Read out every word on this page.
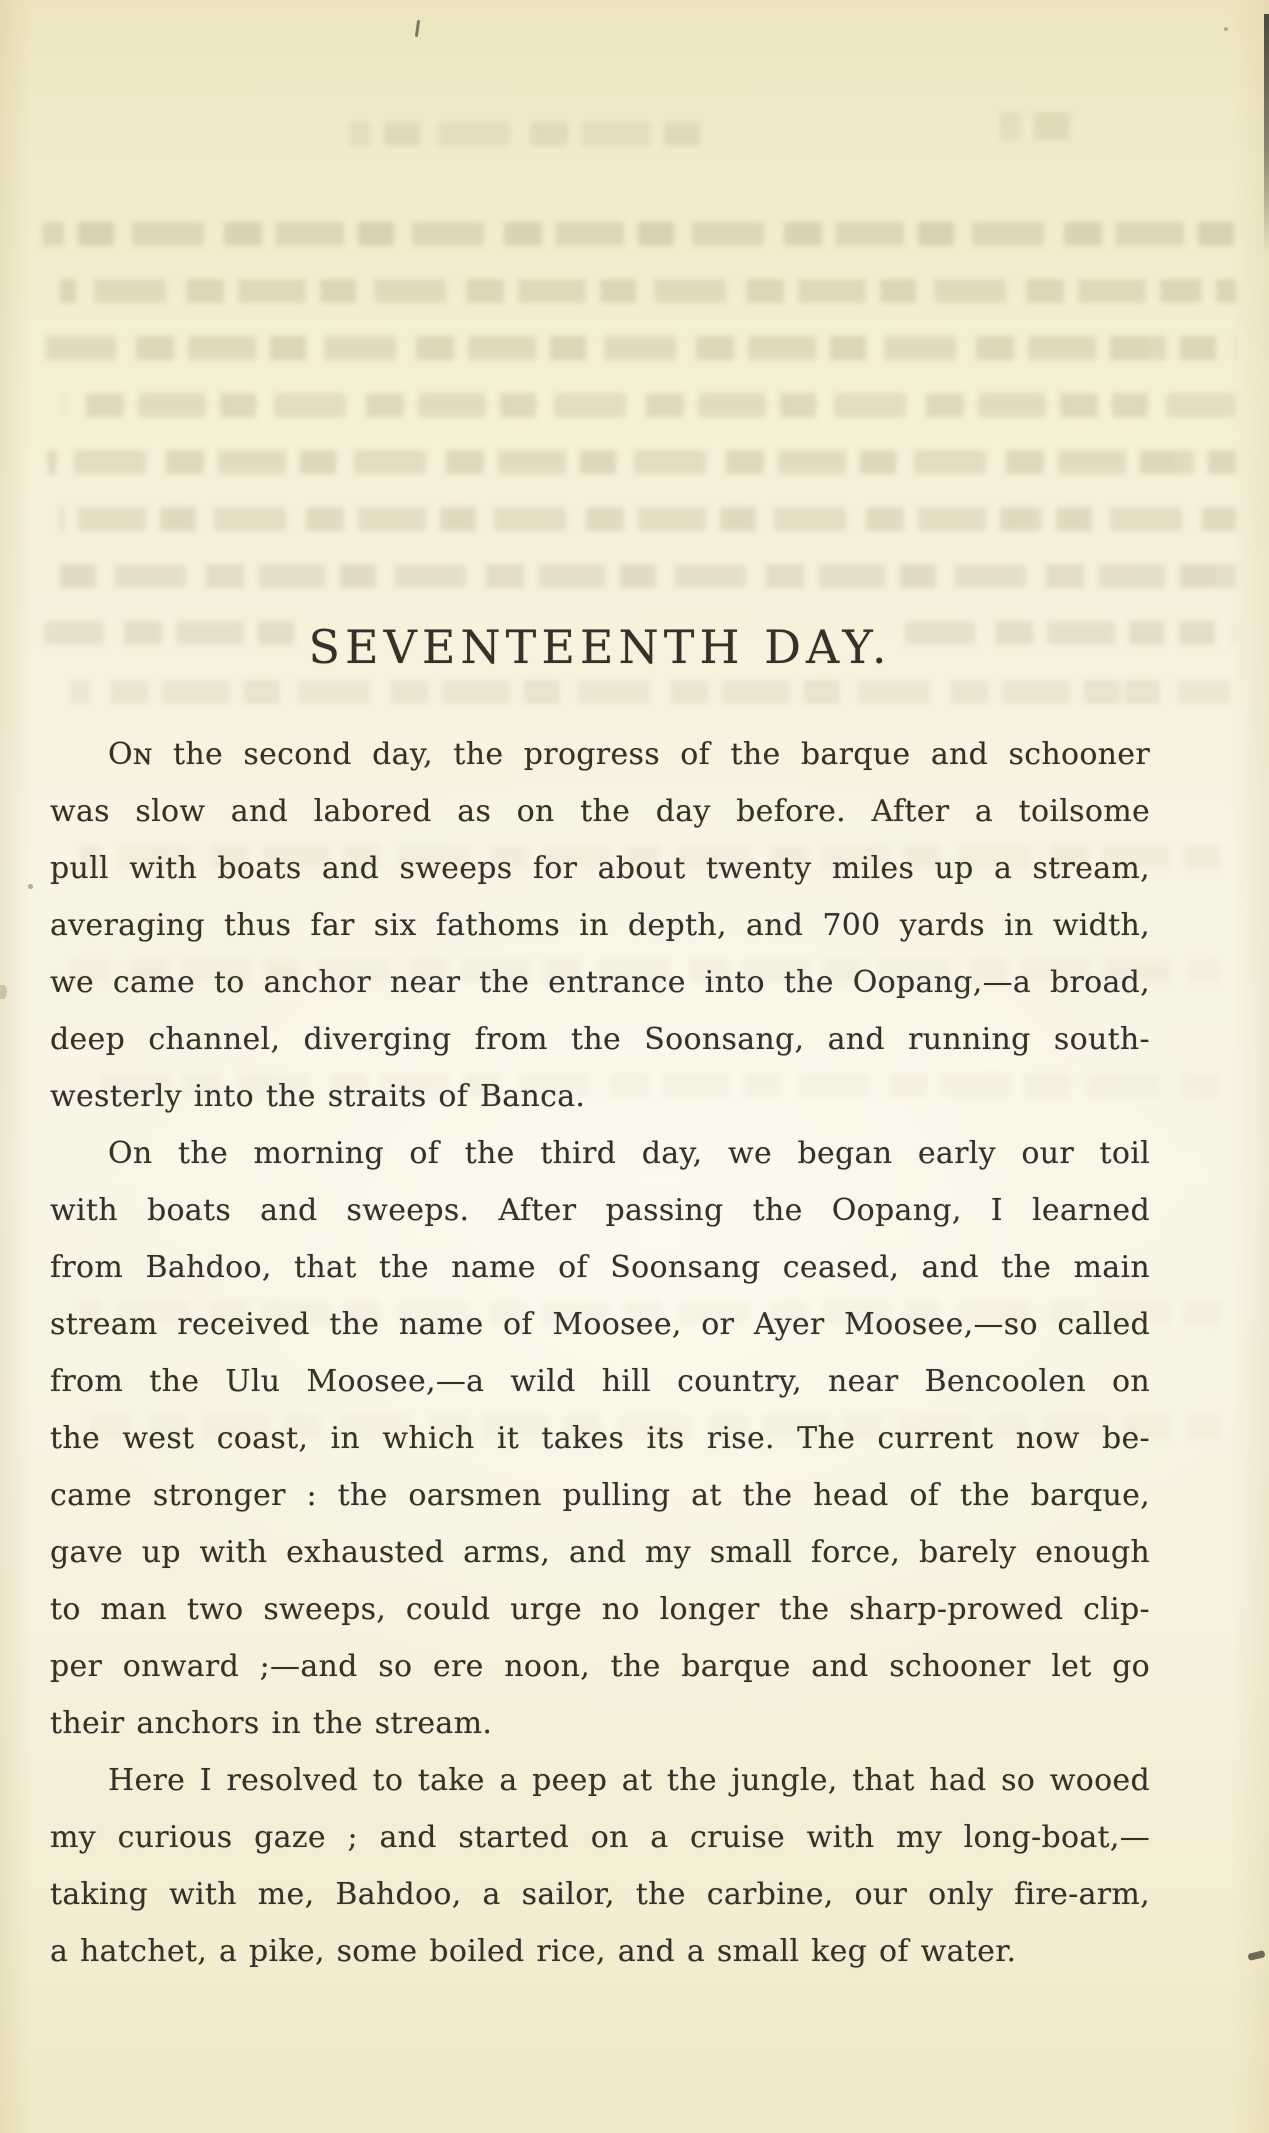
SEVENTEENTH DAY.
Oɴ the second day, the progress of the barque and schooner
was slow and labored as on the day before. After a toilsome
pull with boats and sweeps for about twenty miles up a stream,
averaging thus far six fathoms in depth, and 700 yards in width,
we came to anchor near the entrance into the Oopang,—a broad,
deep channel, diverging from the Soonsang, and running south-
westerly into the straits of Banca.
On the morning of the third day, we began early our toil
with boats and sweeps. After passing the Oopang, I learned
from Bahdoo, that the name of Soonsang ceased, and the main
stream received the name of Moosee, or Ayer Moosee,—so called
from the Ulu Moosee,—a wild hill country, near Bencoolen on
the west coast, in which it takes its rise. The current now be-
came stronger : the oarsmen pulling at the head of the barque,
gave up with exhausted arms, and my small force, barely enough
to man two sweeps, could urge no longer the sharp-prowed clip-
per onward ;—and so ere noon, the barque and schooner let go
their anchors in the stream.
Here I resolved to take a peep at the jungle, that had so wooed
my curious gaze ; and started on a cruise with my long-boat,—
taking with me, Bahdoo, a sailor, the carbine, our only fire-arm,
a hatchet, a pike, some boiled rice, and a small keg of water.
